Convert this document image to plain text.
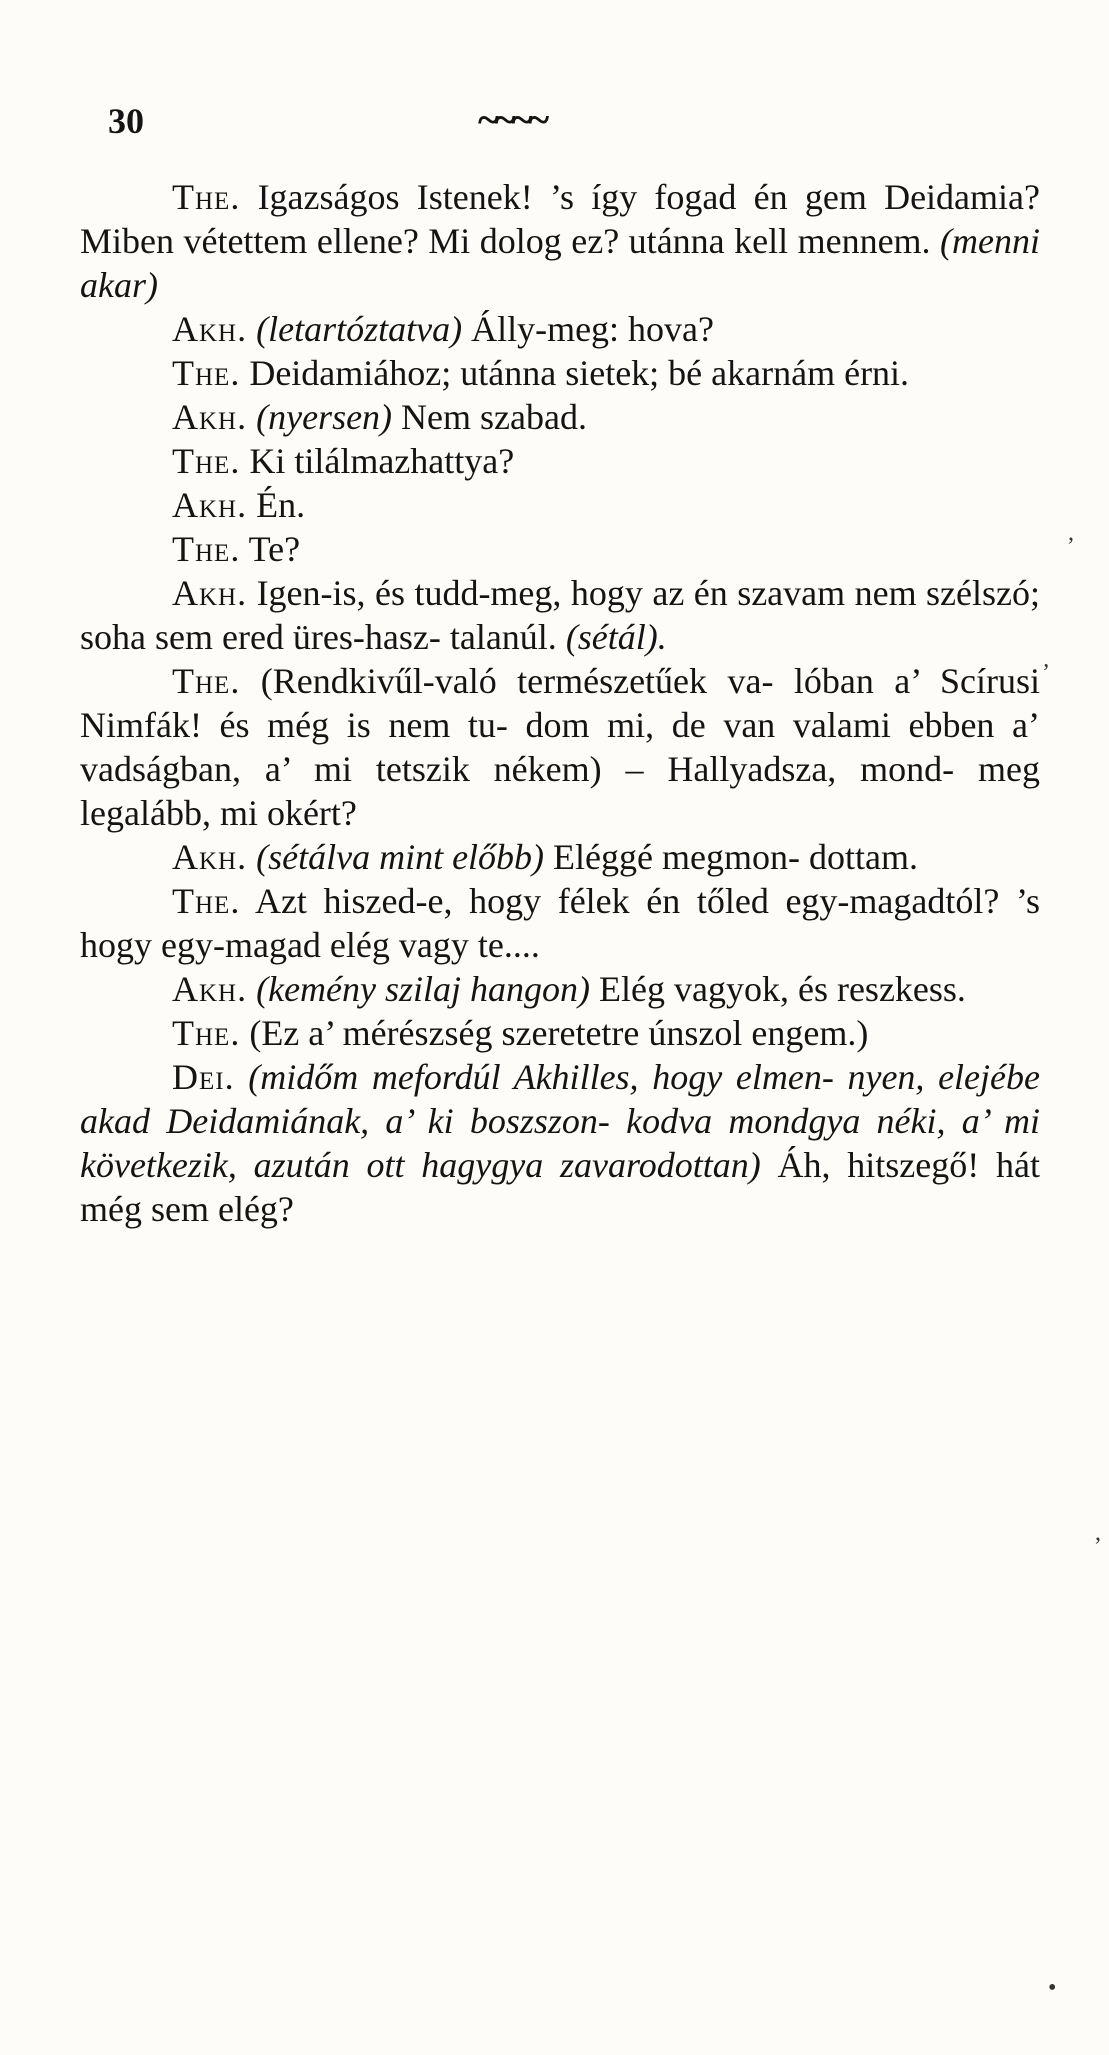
30	~~~~

The. Igazságos Istenek! ’s így fogad én gem Deidamia? Miben vétettem ellene? Mi dolog ez? utánna kell mennem. (menni akar)

Akh. (letartóztatva) Álly-meg: hova?

The. Deidamiához; utánna sietek; bé akarnám érni.

Akh. (nyersen) Nem szabad.

The. Ki tilálmazhattya?

Akh. Én.

The. Te?

Akh. Igen-is, és tudd-meg, hogy az én szavam nem szélszó; soha sem ered üres-hasz- talanúl. (sétál).

The. (Rendkivűl-való természetűek va- lóban a’ Scírusi Nimfák! és még is nem tu- dom mi, de van valami ebben a’ vadságban, a’ mi tetszik nékem) – Hallyadsza, mond- meg legalább, mi okért?

Akh. (sétálva mint előbb) Eléggé megmon- dottam.

The. Azt hiszed-e, hogy félek én tőled egy-magadtól? ’s hogy egy-magad elég vagy te....

Akh. (kemény szilaj hangon) Elég vagyok, és reszkess.

The. (Ez a’ mérészség szeretetre únszol engem.)

Dei. (midőm mefordúl Akhilles, hogy elmen- nyen, elejébe akad Deidamiának, a’ ki boszszon- kodva mondgya néki, a’ mi következik, azután ott hagygya zavarodottan) Áh, hitszegő! hát még sem elég?

,
ʼ
,
•
